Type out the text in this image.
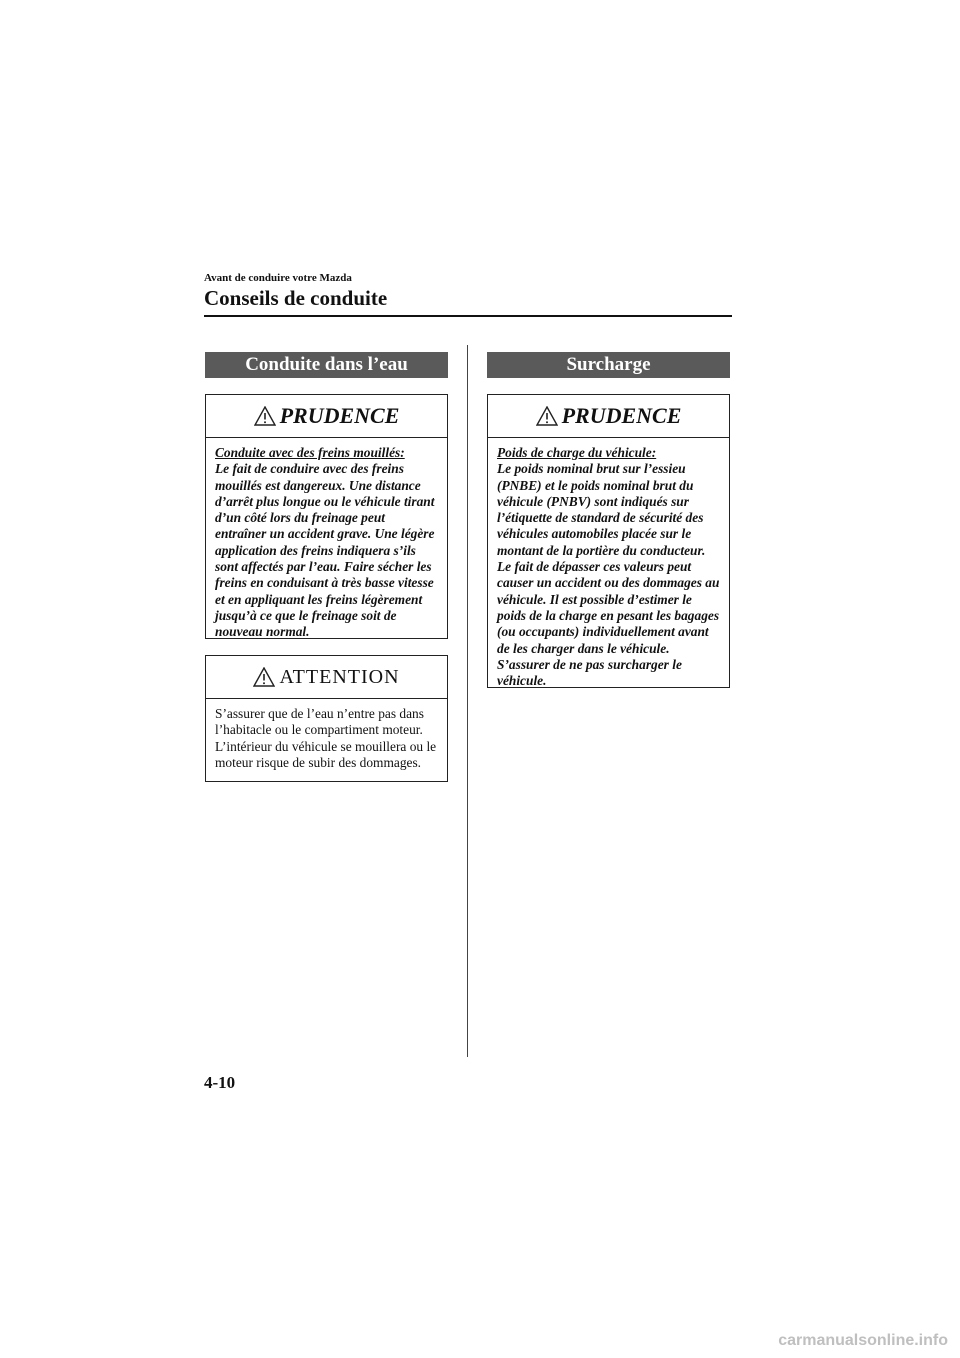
Avant de conduire votre Mazda
Conseils de conduite
Conduite dans l’eau
PRUDENCE
Conduite avec des freins mouillés:
Le fait de conduire avec des freins mouillés est dangereux. Une distance d’arrêt plus longue ou le véhicule tirant d’un côté lors du freinage peut entraîner un accident grave. Une légère application des freins indiquera s’ils sont affectés par l’eau. Faire sécher les freins en conduisant à très basse vitesse et en appliquant les freins légèrement jusqu’à ce que le freinage soit de nouveau normal.
ATTENTION
S’assurer que de l’eau n’entre pas dans l’habitacle ou le compartiment moteur. L’intérieur du véhicule se mouillera ou le moteur risque de subir des dommages.
Surcharge
PRUDENCE
Poids de charge du véhicule:
Le poids nominal brut sur l’essieu (PNBE) et le poids nominal brut du véhicule (PNBV) sont indiqués sur l’étiquette de standard de sécurité des véhicules automobiles placée sur le montant de la portière du conducteur. Le fait de dépasser ces valeurs peut causer un accident ou des dommages au véhicule. Il est possible d’estimer le poids de la charge en pesant les bagages (ou occupants) individuellement avant de les charger dans le véhicule. S’assurer de ne pas surcharger le véhicule.
4-10
carmanualsonline.info
